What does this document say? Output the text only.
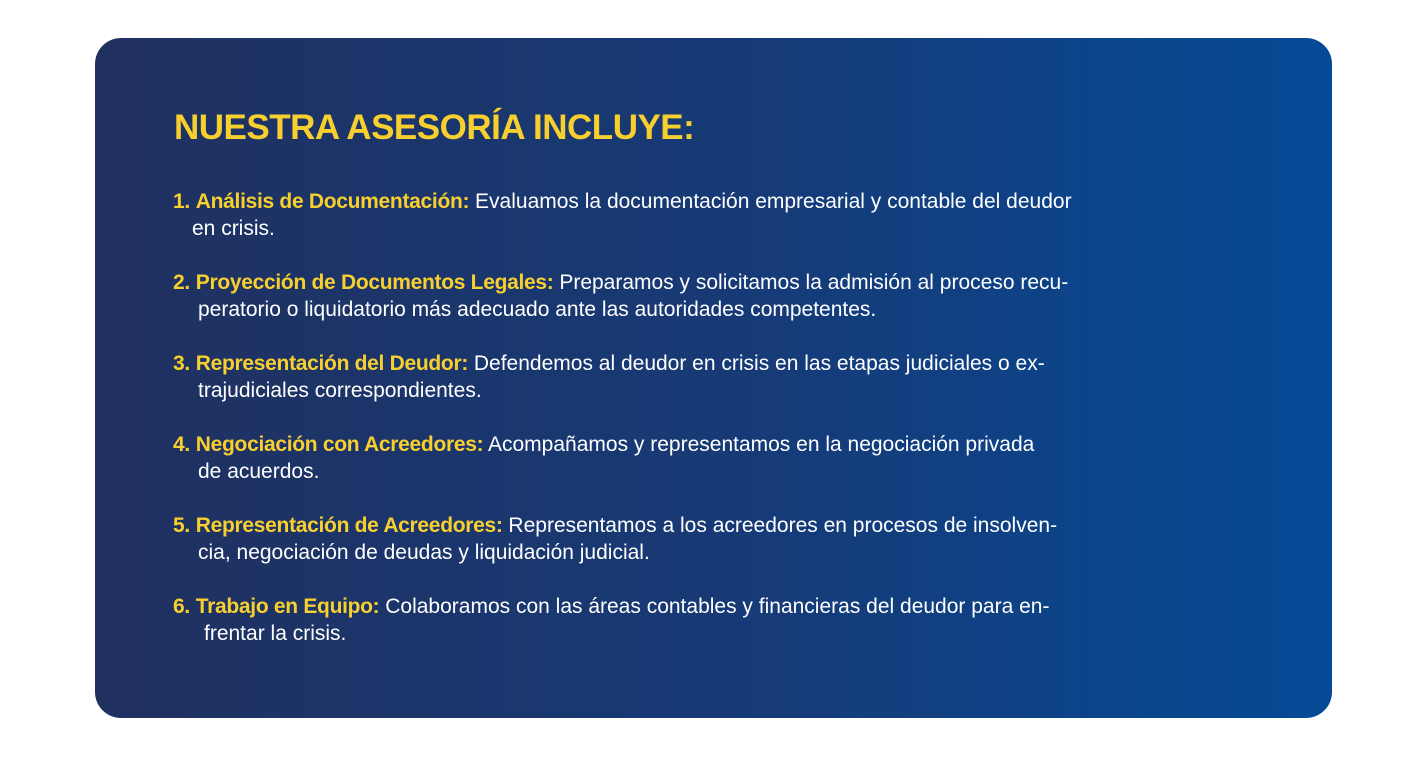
NUESTRA ASESORÍA INCLUYE:
1. Análisis de Documentación: Evaluamos la documentación empresarial y contable del deudor
en crisis.
2. Proyección de Documentos Legales: Preparamos y solicitamos la admisión al proceso recu-
peratorio o liquidatorio más adecuado ante las autoridades competentes.
3. Representación del Deudor: Defendemos al deudor en crisis en las etapas judiciales o ex-
trajudiciales correspondientes.
4. Negociación con Acreedores: Acompañamos y representamos en la negociación privada
de acuerdos.
5. Representación de Acreedores: Representamos a los acreedores en procesos de insolven-
cia, negociación de deudas y liquidación judicial.
6. Trabajo en Equipo: Colaboramos con las áreas contables y financieras del deudor para en-
frentar la crisis.
